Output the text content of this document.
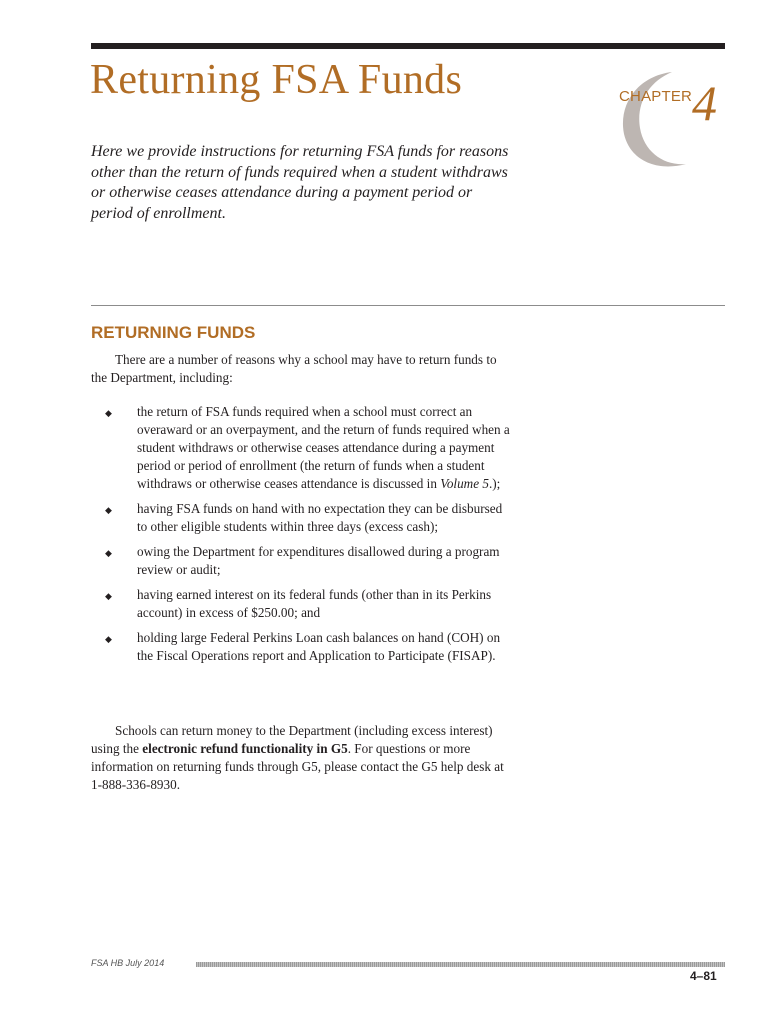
Returning FSA Funds	CHAPTER 4

Here we provide instructions for returning FSA funds for reasons other than the return of funds required when a student withdraws or otherwise ceases attendance during a payment period or period of enrollment.

RETURNING FUNDS

There are a number of reasons why a school may have to return funds to the Department, including:

◆ the return of FSA funds required when a school must correct an overaward or an overpayment, and the return of funds required when a student withdraws or otherwise ceases attendance during a payment period or period of enrollment (the return of funds when a student withdraws or otherwise ceases attendance is discussed in Volume 5.);
◆ having FSA funds on hand with no expectation they can be disbursed to other eligible students within three days (excess cash);
◆ owing the Department for expenditures disallowed during a program review or audit;
◆ having earned interest on its federal funds (other than in its Perkins account) in excess of $250.00; and
◆ holding large Federal Perkins Loan cash balances on hand (COH) on the Fiscal Operations report and Application to Participate (FISAP).

Schools can return money to the Department (including excess interest) using the electronic refund functionality in G5. For questions or more information on returning funds through G5, please contact the G5 help desk at 1-888-336-8930.

FSA HB July 2014
4–81
